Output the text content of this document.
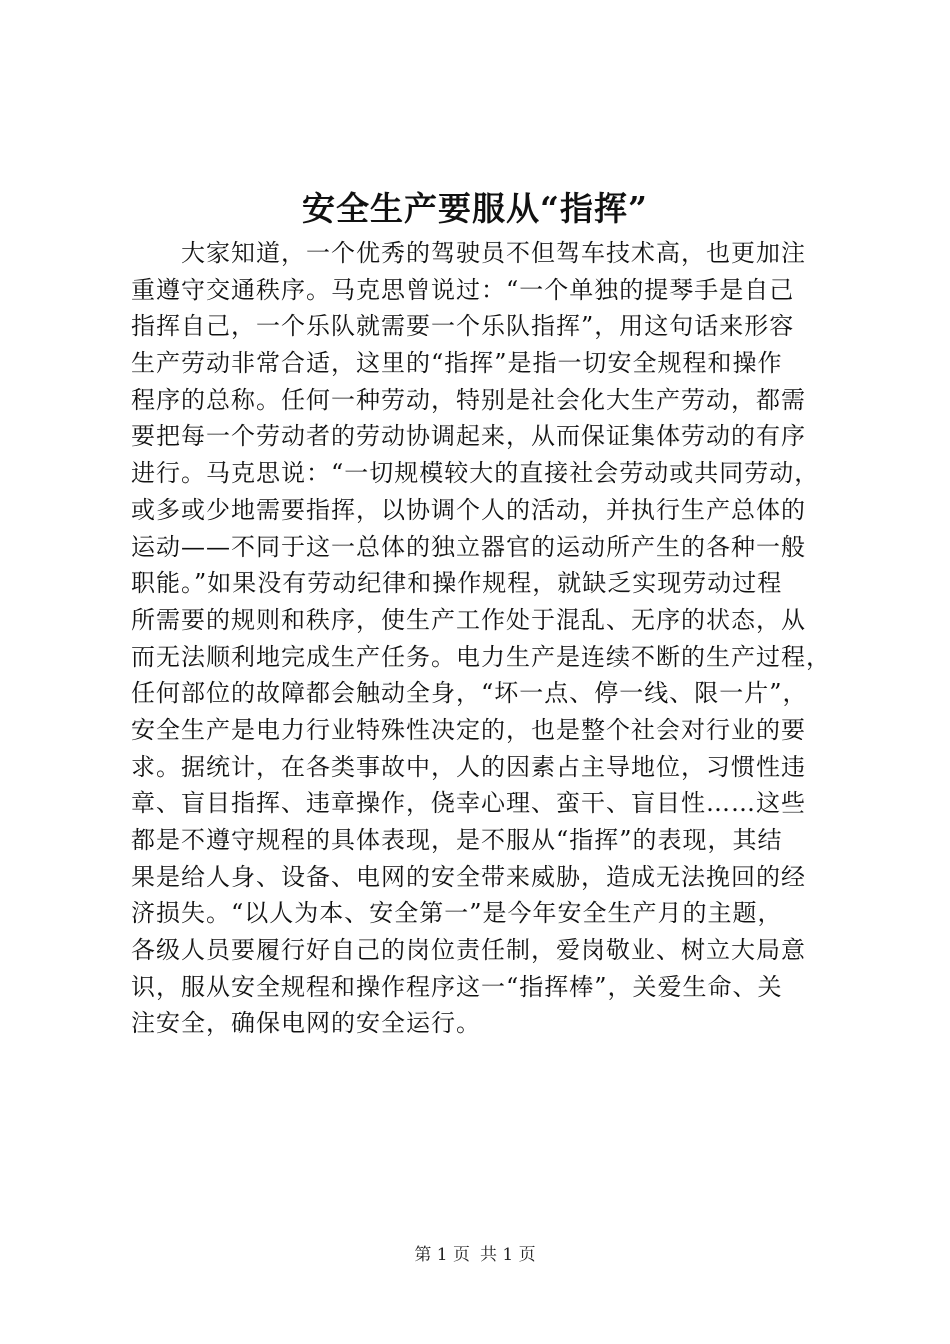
安全生产要服从“指挥”
大家知道，一个优秀的驾驶员不但驾车技术高，也更加注
重遵守交通秩序。马克思曾说过：“一个单独的提琴手是自己
指挥自己，一个乐队就需要一个乐队指挥”，用这句话来形容
生产劳动非常合适，这里的“指挥”是指一切安全规程和操作
程序的总称。任何一种劳动，特别是社会化大生产劳动，都需
要把每一个劳动者的劳动协调起来，从而保证集体劳动的有序
进行。马克思说：“一切规模较大的直接社会劳动或共同劳动，
或多或少地需要指挥，以协调个人的活动，并执行生产总体的
运动——不同于这一总体的独立器官的运动所产生的各种一般
职能。”如果没有劳动纪律和操作规程，就缺乏实现劳动过程
所需要的规则和秩序，使生产工作处于混乱、无序的状态，从
而无法顺利地完成生产任务。电力生产是连续不断的生产过程，
任何部位的故障都会触动全身，“坏一点、停一线、限一片”，
安全生产是电力行业特殊性决定的，也是整个社会对行业的要
求。据统计，在各类事故中，人的因素占主导地位，习惯性违
章、盲目指挥、违章操作，侥幸心理、蛮干、盲目性……这些
都是不遵守规程的具体表现，是不服从“指挥”的表现，其结
果是给人身、设备、电网的安全带来威胁，造成无法挽回的经
济损失。“以人为本、安全第一”是今年安全生产月的主题，
各级人员要履行好自己的岗位责任制，爱岗敬业、树立大局意
识，服从安全规程和操作程序这一“指挥棒”，关爱生命、关
注安全，确保电网的安全运行。
第 1 页 共 1 页
